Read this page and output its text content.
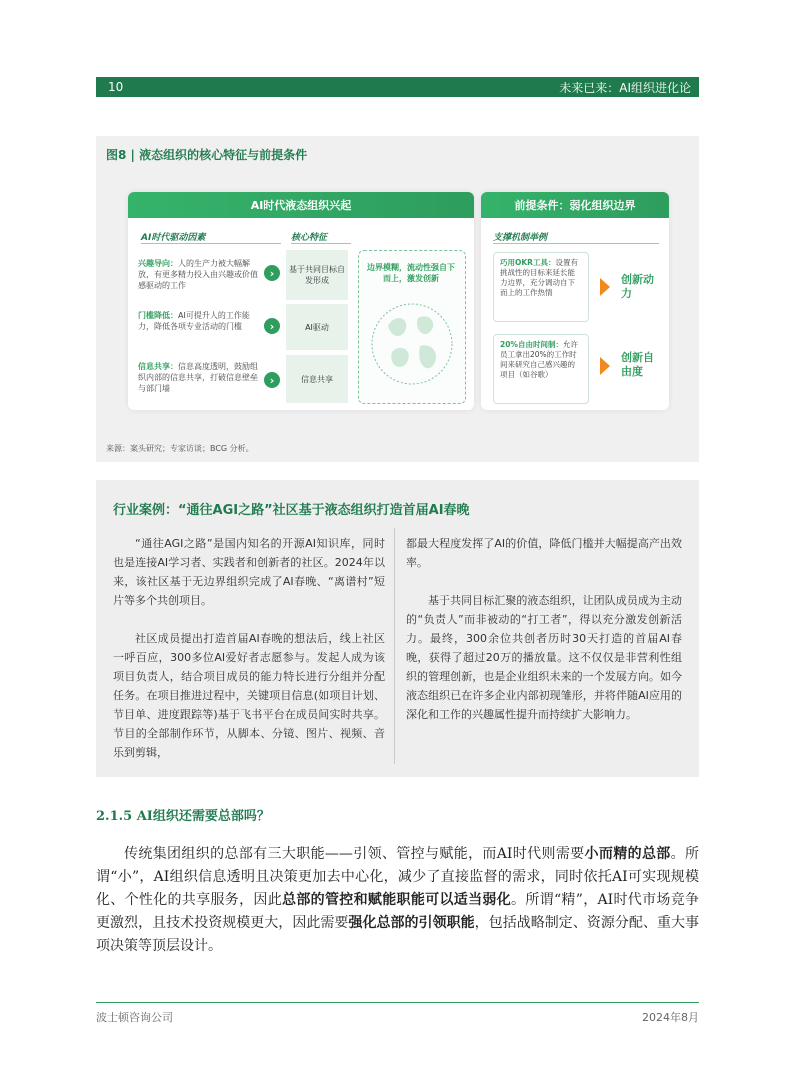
10	未来已来：AI组织进化论
图8 | 液态组织的核心特征与前提条件
AI时代液态组织兴起	前提条件：弱化组织边界
AI时代驱动因素	核心特征	支撑机制举例
兴趣导向：人的生产力被大幅解放，有更多精力投入由兴趣或价值感驱动的工作
›
门槛降低：AI可提升人的工作能力，降低各项专业活动的门槛	›
信息共享：信息高度透明，鼓励组织内部的信息共享，打破信息壁垒与部门墙
›
基于共同目标自发形成
AI驱动
信息共享
边界模糊，流动性强自下而上，激发创新
巧用OKR工具：设置有挑战性的目标来延长能力边界，充分调动自下而上的工作热情
创新动力
20%自由时间制：允许员工拿出20%的工作时间来研究自己感兴趣的项目（如谷歌）
创新自由度
来源：案头研究；专家访谈；BCG 分析。
行业案例：“通往AGI之路”社区基于液态组织打造首届AI春晚

“通往AGI之路”是国内知名的开源AI知识库，同时也是连接AI学习者、实践者和创新者的社区。2024年以来，该社区基于无边界组织完成了AI春晚、“离谱村”短片等多个共创项目。

社区成员提出打造首届AI春晚的想法后，线上社区一呼百应，300多位AI爱好者志愿参与。发起人成为该项目负责人，结合项目成员的能力特长进行分组并分配任务。在项目推进过程中，关键项目信息(如项目计划、节目单、进度跟踪等)基于飞书平台在成员间实时共享。节目的全部制作环节，从脚本、分镜、图片、视频、音乐到剪辑，

都最大程度发挥了AI的价值，降低门槛并大幅提高产出效率。

基于共同目标汇聚的液态组织，让团队成员成为主动的“负责人”而非被动的“打工者”，得以充分激发创新活力。最终，300余位共创者历时30天打造的首届AI春晚，获得了超过20万的播放量。这不仅仅是非营利性组织的管理创新，也是企业组织未来的一个发展方向。如今液态组织已在许多企业内部初现雏形，并将伴随AI应用的深化和工作的兴趣属性提升而持续扩大影响力。

2.1.5 AI组织还需要总部吗？

传统集团组织的总部有三大职能——引领、管控与赋能，而AI时代则需要小而精的总部。所谓“小”，AI组织信息透明且决策更加去中心化，减少了直接监督的需求，同时依托AI可实现规模化、个性化的共享服务，因此总部的管控和赋能职能可以适当弱化。所谓“精”，AI时代市场竞争更激烈，且技术投资规模更大，因此需要强化总部的引领职能，包括战略制定、资源分配、重大事项决策等顶层设计。

波士顿咨询公司	2024年8月
